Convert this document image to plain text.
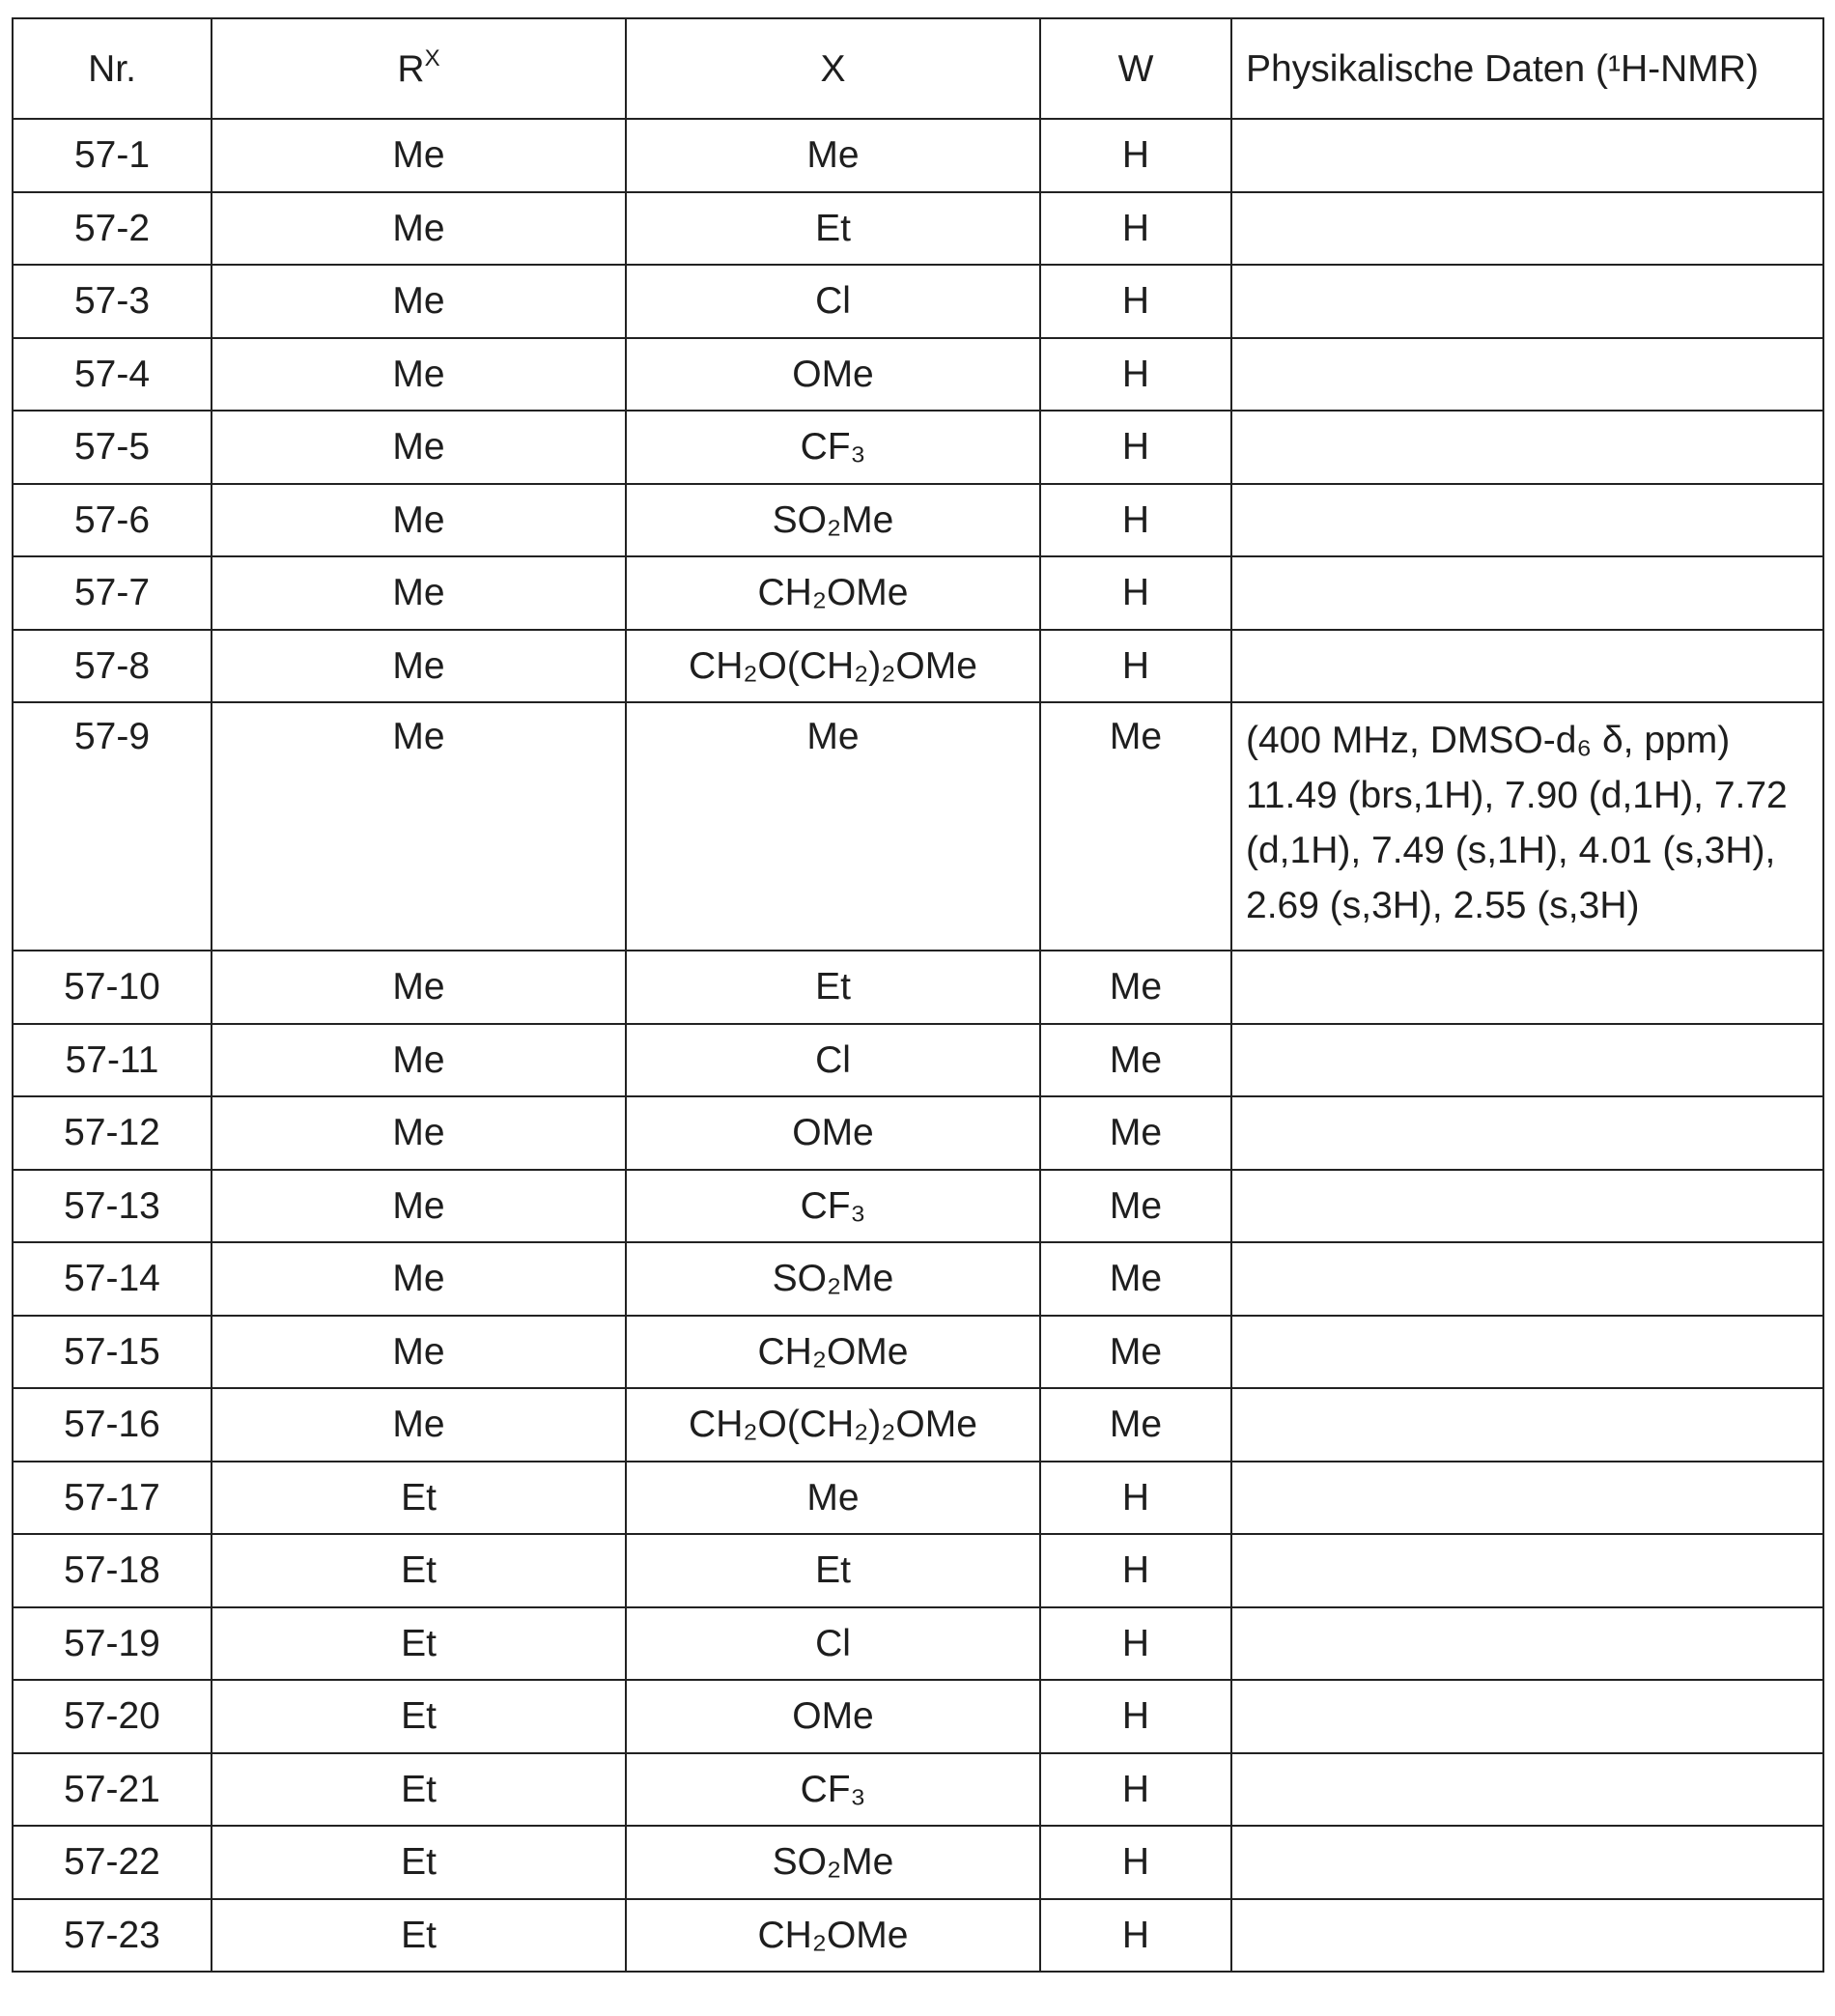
Nr.	$R^X$	X	W	Physikalische Daten (¹H-NMR)
57-1	Me	Me	H	
57-2	Me	Et	H	
57-3	Me	Cl	H	
57-4	Me	OMe	H	
57-5	Me	CF₃	H	
57-6	Me	SO₂Me	H	
57-7	Me	CH₂OMe	H	
57-8	Me	CH₂O(CH₂)₂OMe	H	
57-9	Me	Me	Me	(400 MHz, DMSO-d₆ δ, ppm) 11.49 (brs,1H), 7.90 (d,1H), 7.72 (d,1H), 7.49 (s,1H), 4.01 (s,3H), 2.69 (s,3H), 2.55 (s,3H)
57-10	Me	Et	Me	
57-11	Me	Cl	Me	
57-12	Me	OMe	Me	
57-13	Me	CF₃	Me	
57-14	Me	SO₂Me	Me	
57-15	Me	CH₂OMe	Me	
57-16	Me	CH₂O(CH₂)₂OMe	Me	
57-17	Et	Me	H	
57-18	Et	Et	H	
57-19	Et	Cl	H	
57-20	Et	OMe	H	
57-21	Et	CF₃	H	
57-22	Et	SO₂Me	H	
57-23	Et	CH₂OMe	H	
